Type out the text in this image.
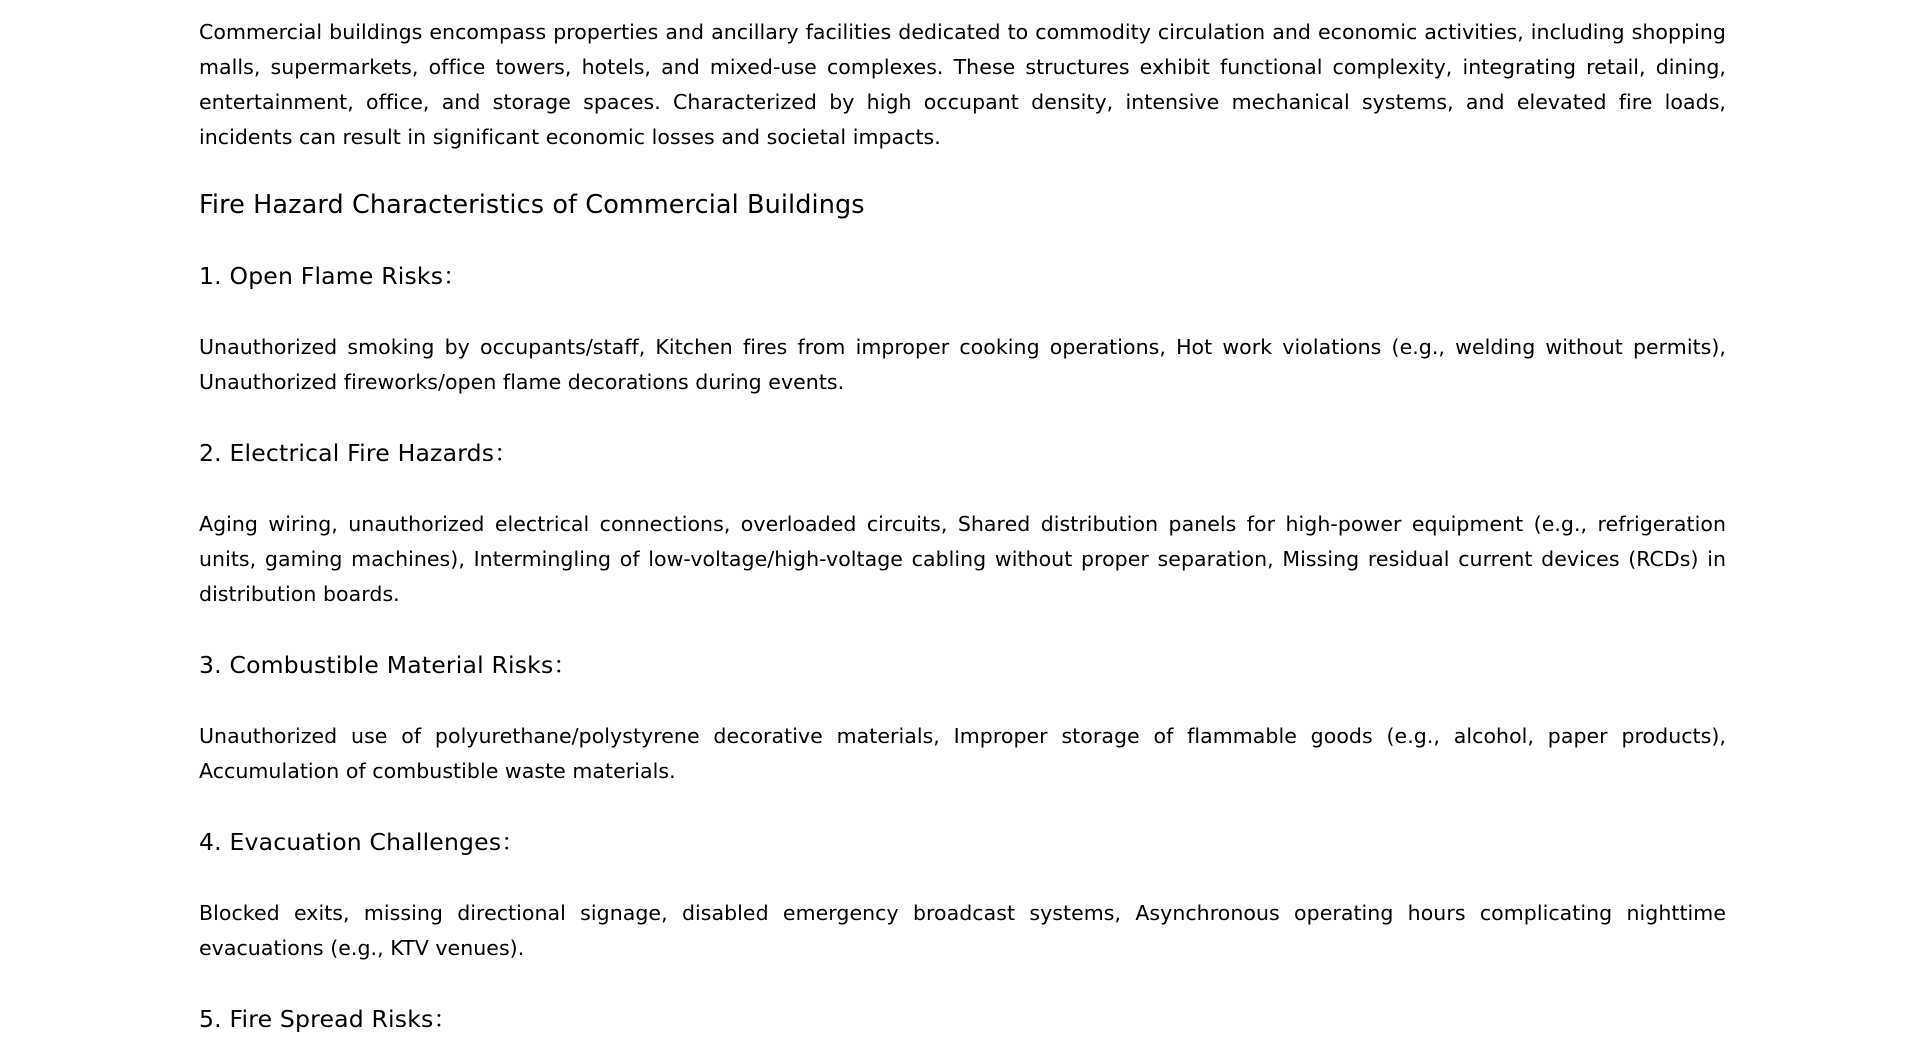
Commercial buildings encompass properties and ancillary facilities dedicated to commodity circulation and economic activities, including shopping malls, supermarkets, office towers, hotels, and mixed-use complexes. These structures exhibit functional complexity, integrating retail, dining, entertainment, office, and storage spaces. Characterized by high occupant density, intensive mechanical systems, and elevated fire loads, incidents can result in significant economic losses and societal impacts.

Fire Hazard Characteristics of Commercial Buildings
1. Open Flame Risks：

Unauthorized smoking by occupants/staff, Kitchen fires from improper cooking operations, Hot work violations (e.g., welding without permits), Unauthorized fireworks/open flame decorations during events.

2. Electrical Fire Hazards：

Aging wiring, unauthorized electrical connections, overloaded circuits, Shared distribution panels for high-power equipment (e.g., refrigeration units, gaming machines), Intermingling of low-voltage/high-voltage cabling without proper separation, Missing residual current devices (RCDs) in distribution boards.

3. Combustible Material Risks：

Unauthorized use of polyurethane/polystyrene decorative materials, Improper storage of flammable goods (e.g., alcohol, paper products), Accumulation of combustible waste materials.

4. Evacuation Challenges：

Blocked exits, missing directional signage, disabled emergency broadcast systems, Asynchronous operating hours complicating nighttime evacuations (e.g., KTV venues).

5. Fire Spread Risks：
